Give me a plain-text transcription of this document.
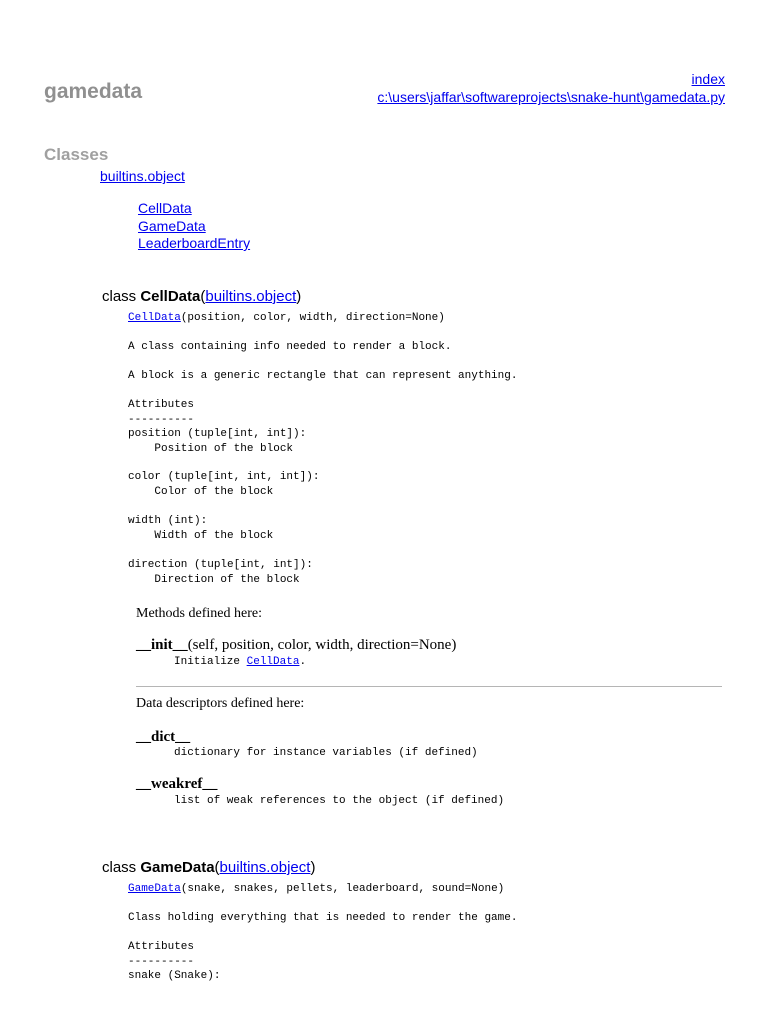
gamedata
index
c:\users\jaffar\softwareprojects\snake-hunt\gamedata.py
Classes
builtins.object
CellData
GameData
LeaderboardEntry
class CellData(builtins.object)
CellData(position, color, width, direction=None)
A class containing info needed to render a block.
A block is a generic rectangle that can represent anything.
Attributes
----------
position (tuple[int, int]):
Position of the block
color (tuple[int, int, int]):
Color of the block
width (int):
Width of the block
direction (tuple[int, int]):
Direction of the block
Methods defined here:
__init__(self, position, color, width, direction=None)
Initialize CellData.
Data descriptors defined here:
__dict__
dictionary for instance variables (if defined)
__weakref__
list of weak references to the object (if defined)
class GameData(builtins.object)
GameData(snake, snakes, pellets, leaderboard, sound=None)
Class holding everything that is needed to render the game.
Attributes
----------
snake (Snake):
